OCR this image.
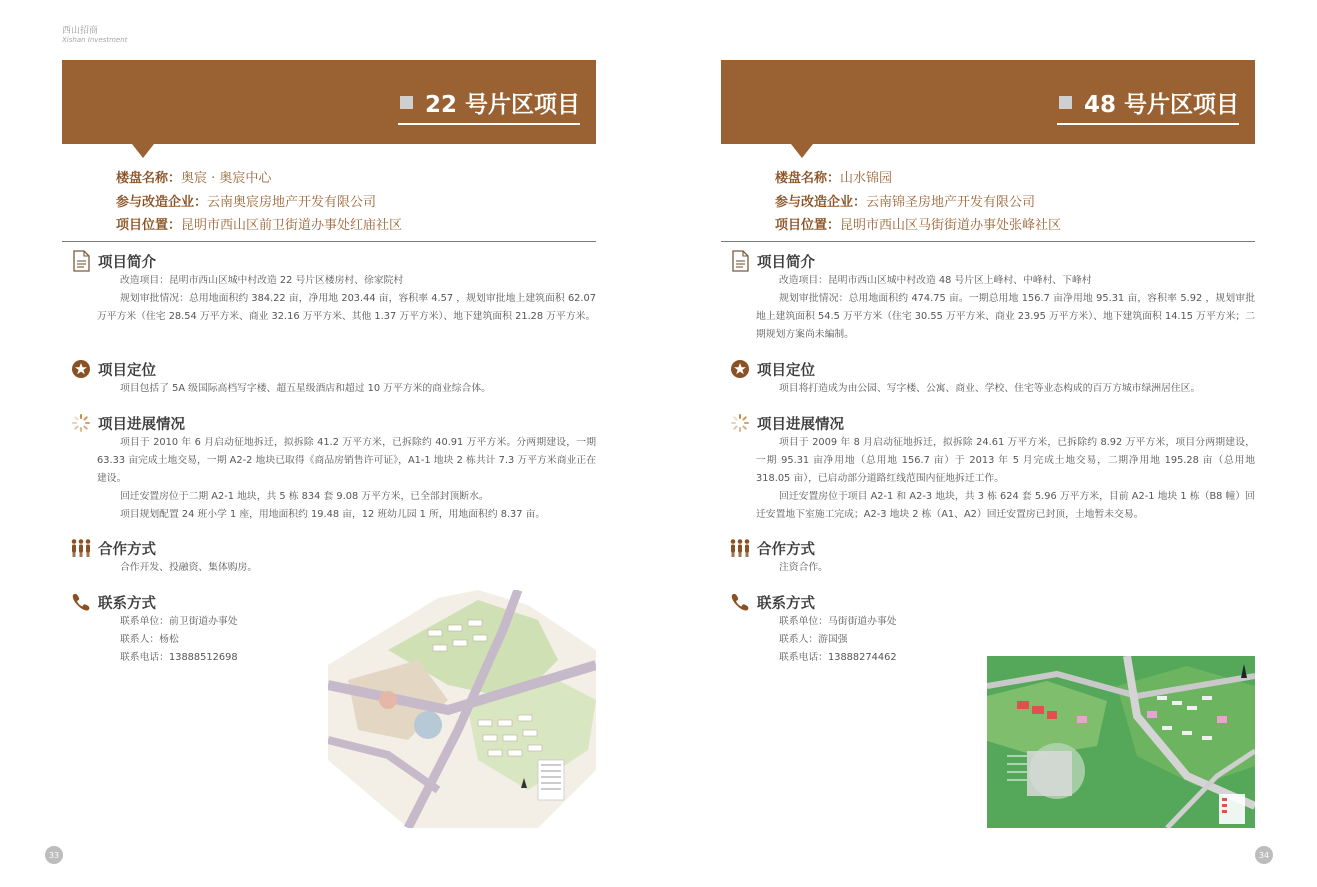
西山招商
Xishan Investment
22 号片区项目
楼盘名称：奥宸 · 奥宸中心
参与改造企业：云南奥宸房地产开发有限公司
项目位置：昆明市西山区前卫街道办事处红庙社区
项目简介

改造项目：昆明市西山区城中村改造 22 号片区楼房村、徐家院村

规划审批情况：总用地面积约 384.22 亩，净用地 203.44 亩，容积率 4.57 ，规划审批地上建筑面积 62.07 万平方米（住宅 28.54 万平方米、商业 32.16 万平方米、其他 1.37 万平方米）、地下建筑面积 21.28 万平方米。

项目定位

项目包括了 5A 级国际高档写字楼、超五星级酒店和超过 10 万平方米的商业综合体。

项目进展情况

项目于 2010 年 6 月启动征地拆迁，拟拆除 41.2 万平方米，已拆除约 40.91 万平方米。分两期建设，一期 63.33 亩完成土地交易，一期 A2-2 地块已取得《商品房销售许可证》，A1-1 地块 2 栋共计 7.3 万平方米商业正在建设。

回迁安置房位于二期 A2-1 地块，共 5 栋 834 套 9.08 万平方米，已全部封顶断水。

项目规划配置 24 班小学 1 座，用地面积约 19.48 亩，12 班幼儿园 1 所，用地面积约 8.37 亩。

合作方式

合作开发、投融资、集体购房。

联系方式

联系单位：前卫街道办事处

联系人：杨松

联系电话：13888512698

33
48 号片区项目
楼盘名称：山水锦园
参与改造企业：云南锦圣房地产开发有限公司
项目位置：昆明市西山区马街街道办事处张峰社区
项目简介

改造项目：昆明市西山区城中村改造 48 号片区上峰村、中峰村、下峰村

规划审批情况：总用地面积约 474.75 亩。一期总用地 156.7 亩净用地 95.31 亩，容积率 5.92 ，规划审批地上建筑面积 54.5 万平方米（住宅 30.55 万平方米、商业 23.95 万平方米）、地下建筑面积 14.15 万平方米；二期规划方案尚未編制。

项目定位

项目将打造成为由公园、写字楼、公寓、商业、学校、住宅等业态构成的百万方城市绿洲居住区。

项目进展情况

项目于 2009 年 8 月启动征地拆迁，拟拆除 24.61 万平方米，已拆除约 8.92 万平方米，项目分两期建设，一期 95.31 亩净用地（总用地 156.7 亩）于 2013 年 5 月完成土地交易，二期净用地 195.28 亩（总用地 318.05 亩），已启动部分道路红线范围内征地拆迁工作。

回迁安置房位于项目 A2-1 和 A2-3 地块，共 3 栋 624 套 5.96 万平方米，目前 A2-1 地块 1 栋（B8 幢）回迁安置地下室施工完成；A2-3 地块 2 栋（A1、A2）回迁安置房已封顶，土地暂未交易。

合作方式

注资合作。

联系方式

联系单位：马街街道办事处

联系人：游国强

联系电话：13888274462

34
